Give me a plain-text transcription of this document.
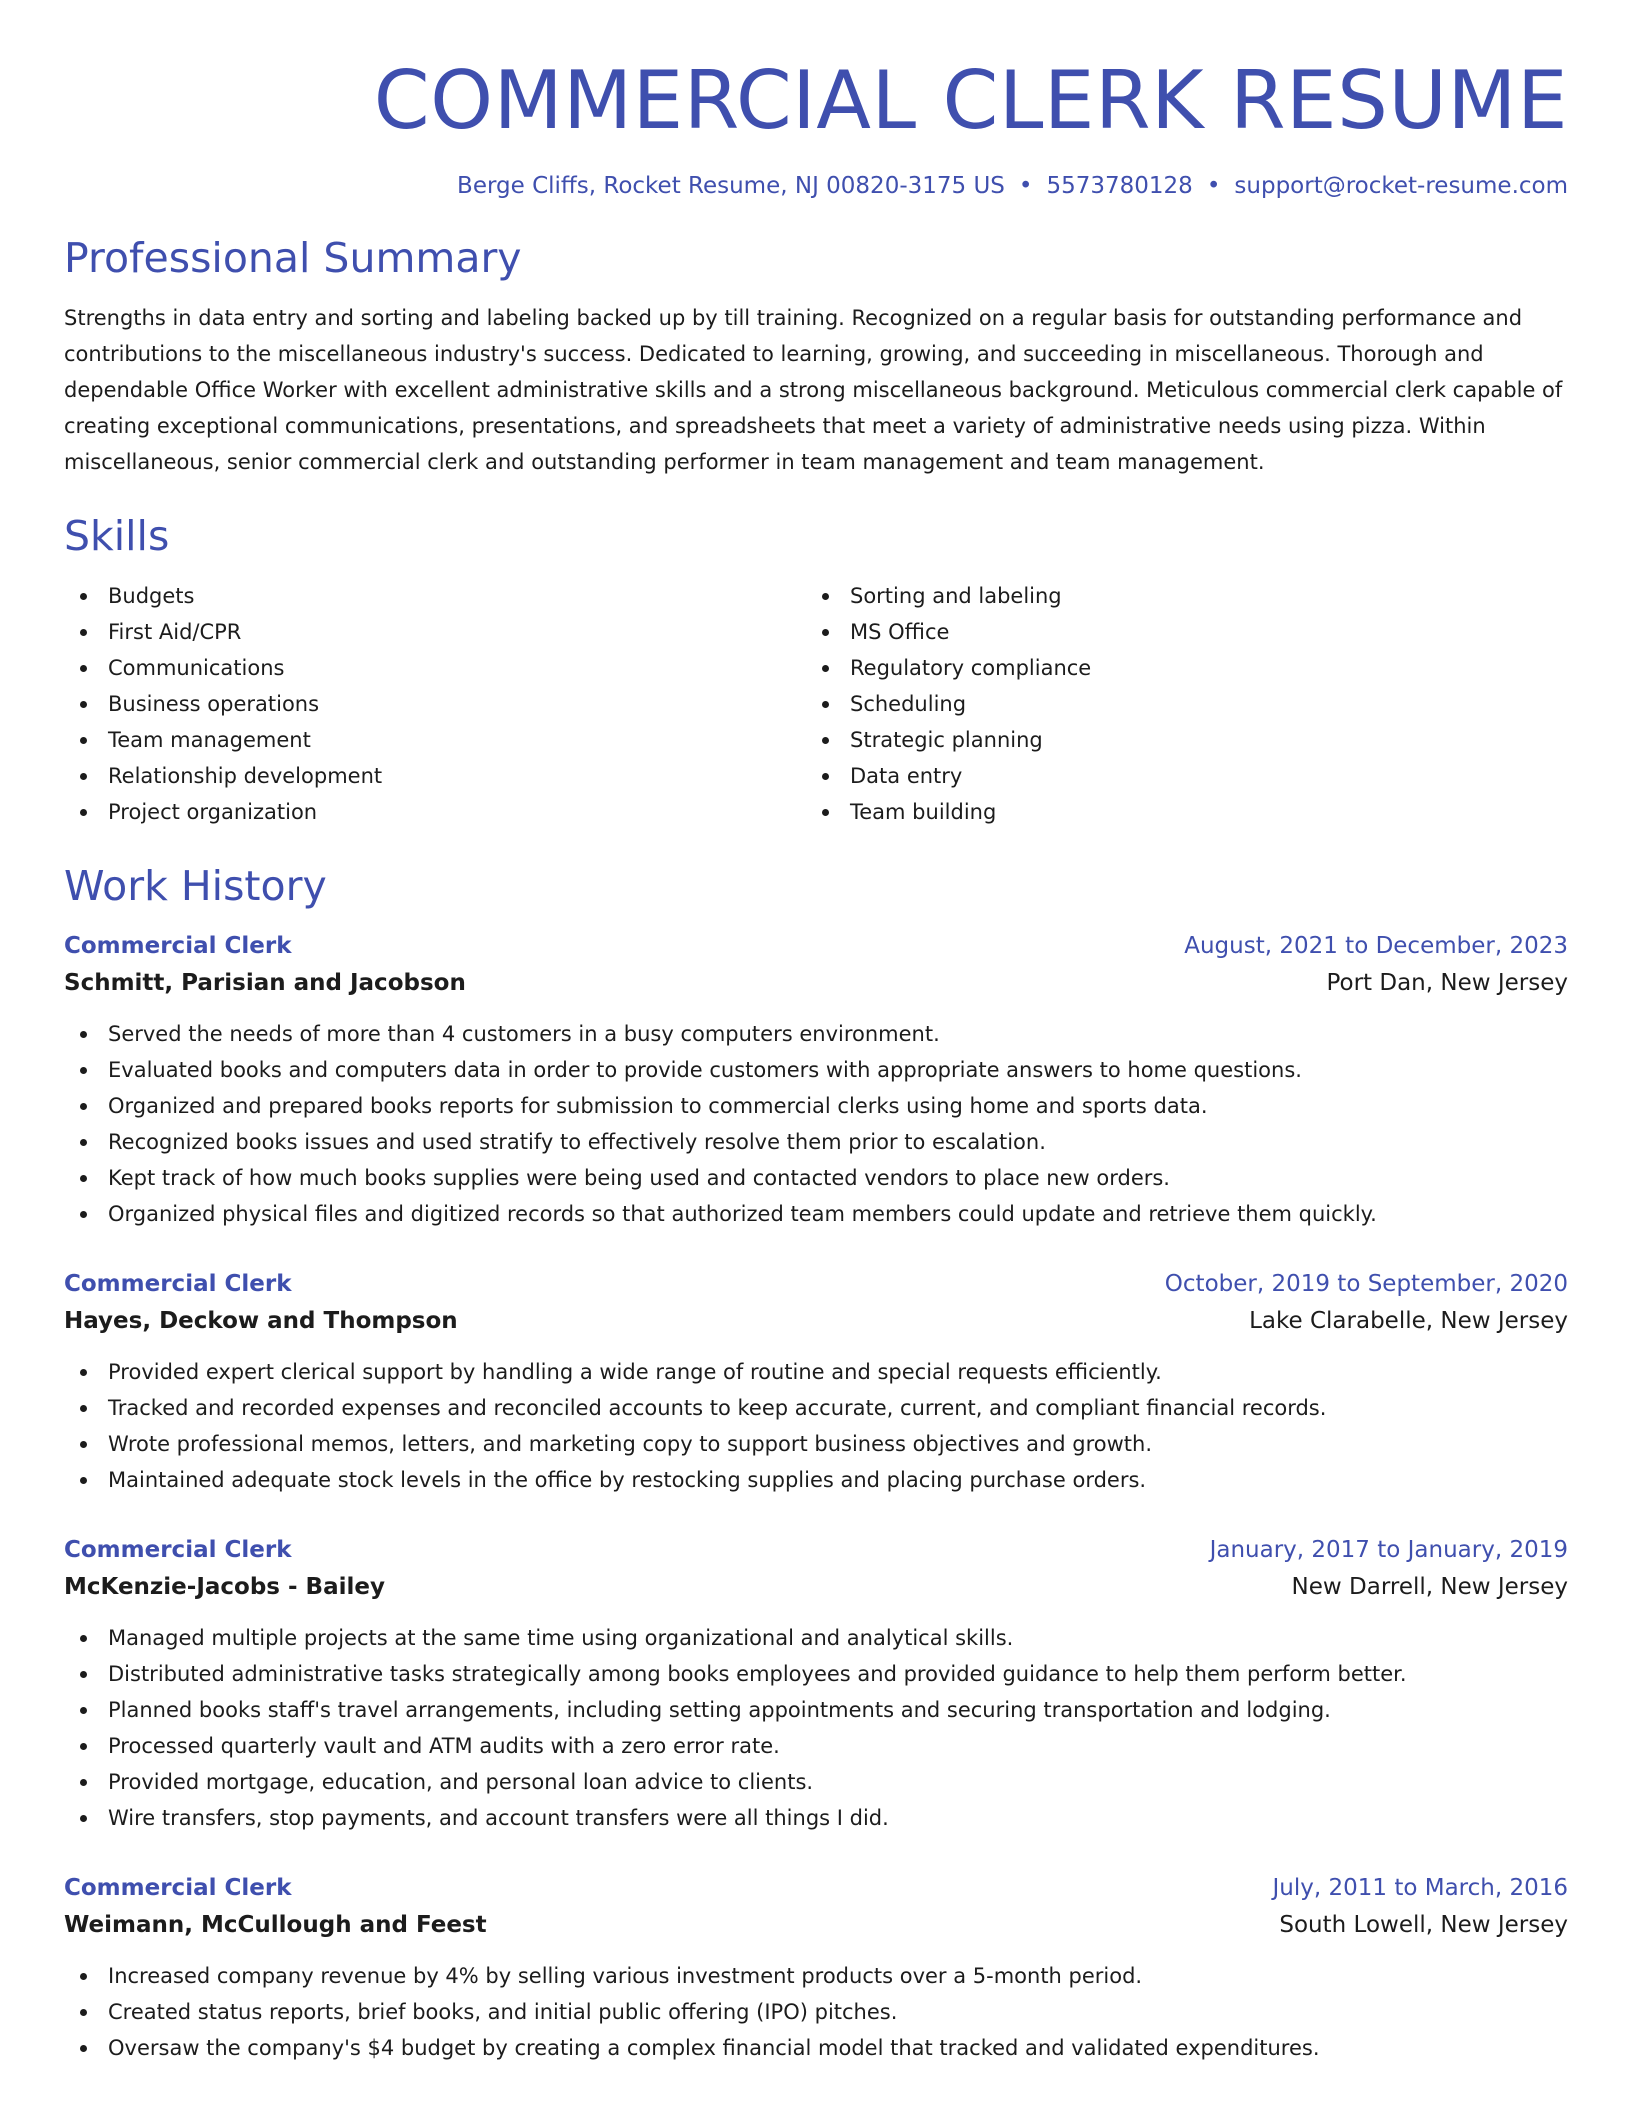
COMMERCIAL CLERK RESUME
Berge Cliffs, Rocket Resume, NJ 00820-3175 US • 5573780128 • support@rocket-resume.com
Professional Summary

Strengths in data entry and sorting and labeling backed up by till training. Recognized on a regular basis for outstanding performance and contributions to the miscellaneous industry's success. Dedicated to learning, growing, and succeeding in miscellaneous. Thorough and dependable Office Worker with excellent administrative skills and a strong miscellaneous background. Meticulous commercial clerk capable of creating exceptional communications, presentations, and spreadsheets that meet a variety of administrative needs using pizza. Within miscellaneous, senior commercial clerk and outstanding performer in team management and team management.

Skills
Budgets
First Aid/CPR
Communications
Business operations
Team management
Relationship development
Project organization
Sorting and labeling
MS Office
Regulatory compliance
Scheduling
Strategic planning
Data entry
Team building
Work History
Commercial Clerk	August, 2021 to December, 2023
Schmitt, Parisian and Jacobson	Port Dan, New Jersey
Served the needs of more than 4 customers in a busy computers environment.
Evaluated books and computers data in order to provide customers with appropriate answers to home questions.
Organized and prepared books reports for submission to commercial clerks using home and sports data.
Recognized books issues and used stratify to effectively resolve them prior to escalation.
Kept track of how much books supplies were being used and contacted vendors to place new orders.
Organized physical files and digitized records so that authorized team members could update and retrieve them quickly.
Commercial Clerk	October, 2019 to September, 2020
Hayes, Deckow and Thompson	Lake Clarabelle, New Jersey
Provided expert clerical support by handling a wide range of routine and special requests efficiently.
Tracked and recorded expenses and reconciled accounts to keep accurate, current, and compliant financial records.
Wrote professional memos, letters, and marketing copy to support business objectives and growth.
Maintained adequate stock levels in the office by restocking supplies and placing purchase orders.
Commercial Clerk	January, 2017 to January, 2019
McKenzie-Jacobs - Bailey	New Darrell, New Jersey
Managed multiple projects at the same time using organizational and analytical skills.
Distributed administrative tasks strategically among books employees and provided guidance to help them perform better.
Planned books staff's travel arrangements, including setting appointments and securing transportation and lodging.
Processed quarterly vault and ATM audits with a zero error rate.
Provided mortgage, education, and personal loan advice to clients.
Wire transfers, stop payments, and account transfers were all things I did.
Commercial Clerk	July, 2011 to March, 2016
Weimann, McCullough and Feest	South Lowell, New Jersey
Increased company revenue by 4% by selling various investment products over a 5-month period.
Created status reports, brief books, and initial public offering (IPO) pitches.
Oversaw the company's $4 budget by creating a complex financial model that tracked and validated expenditures.
